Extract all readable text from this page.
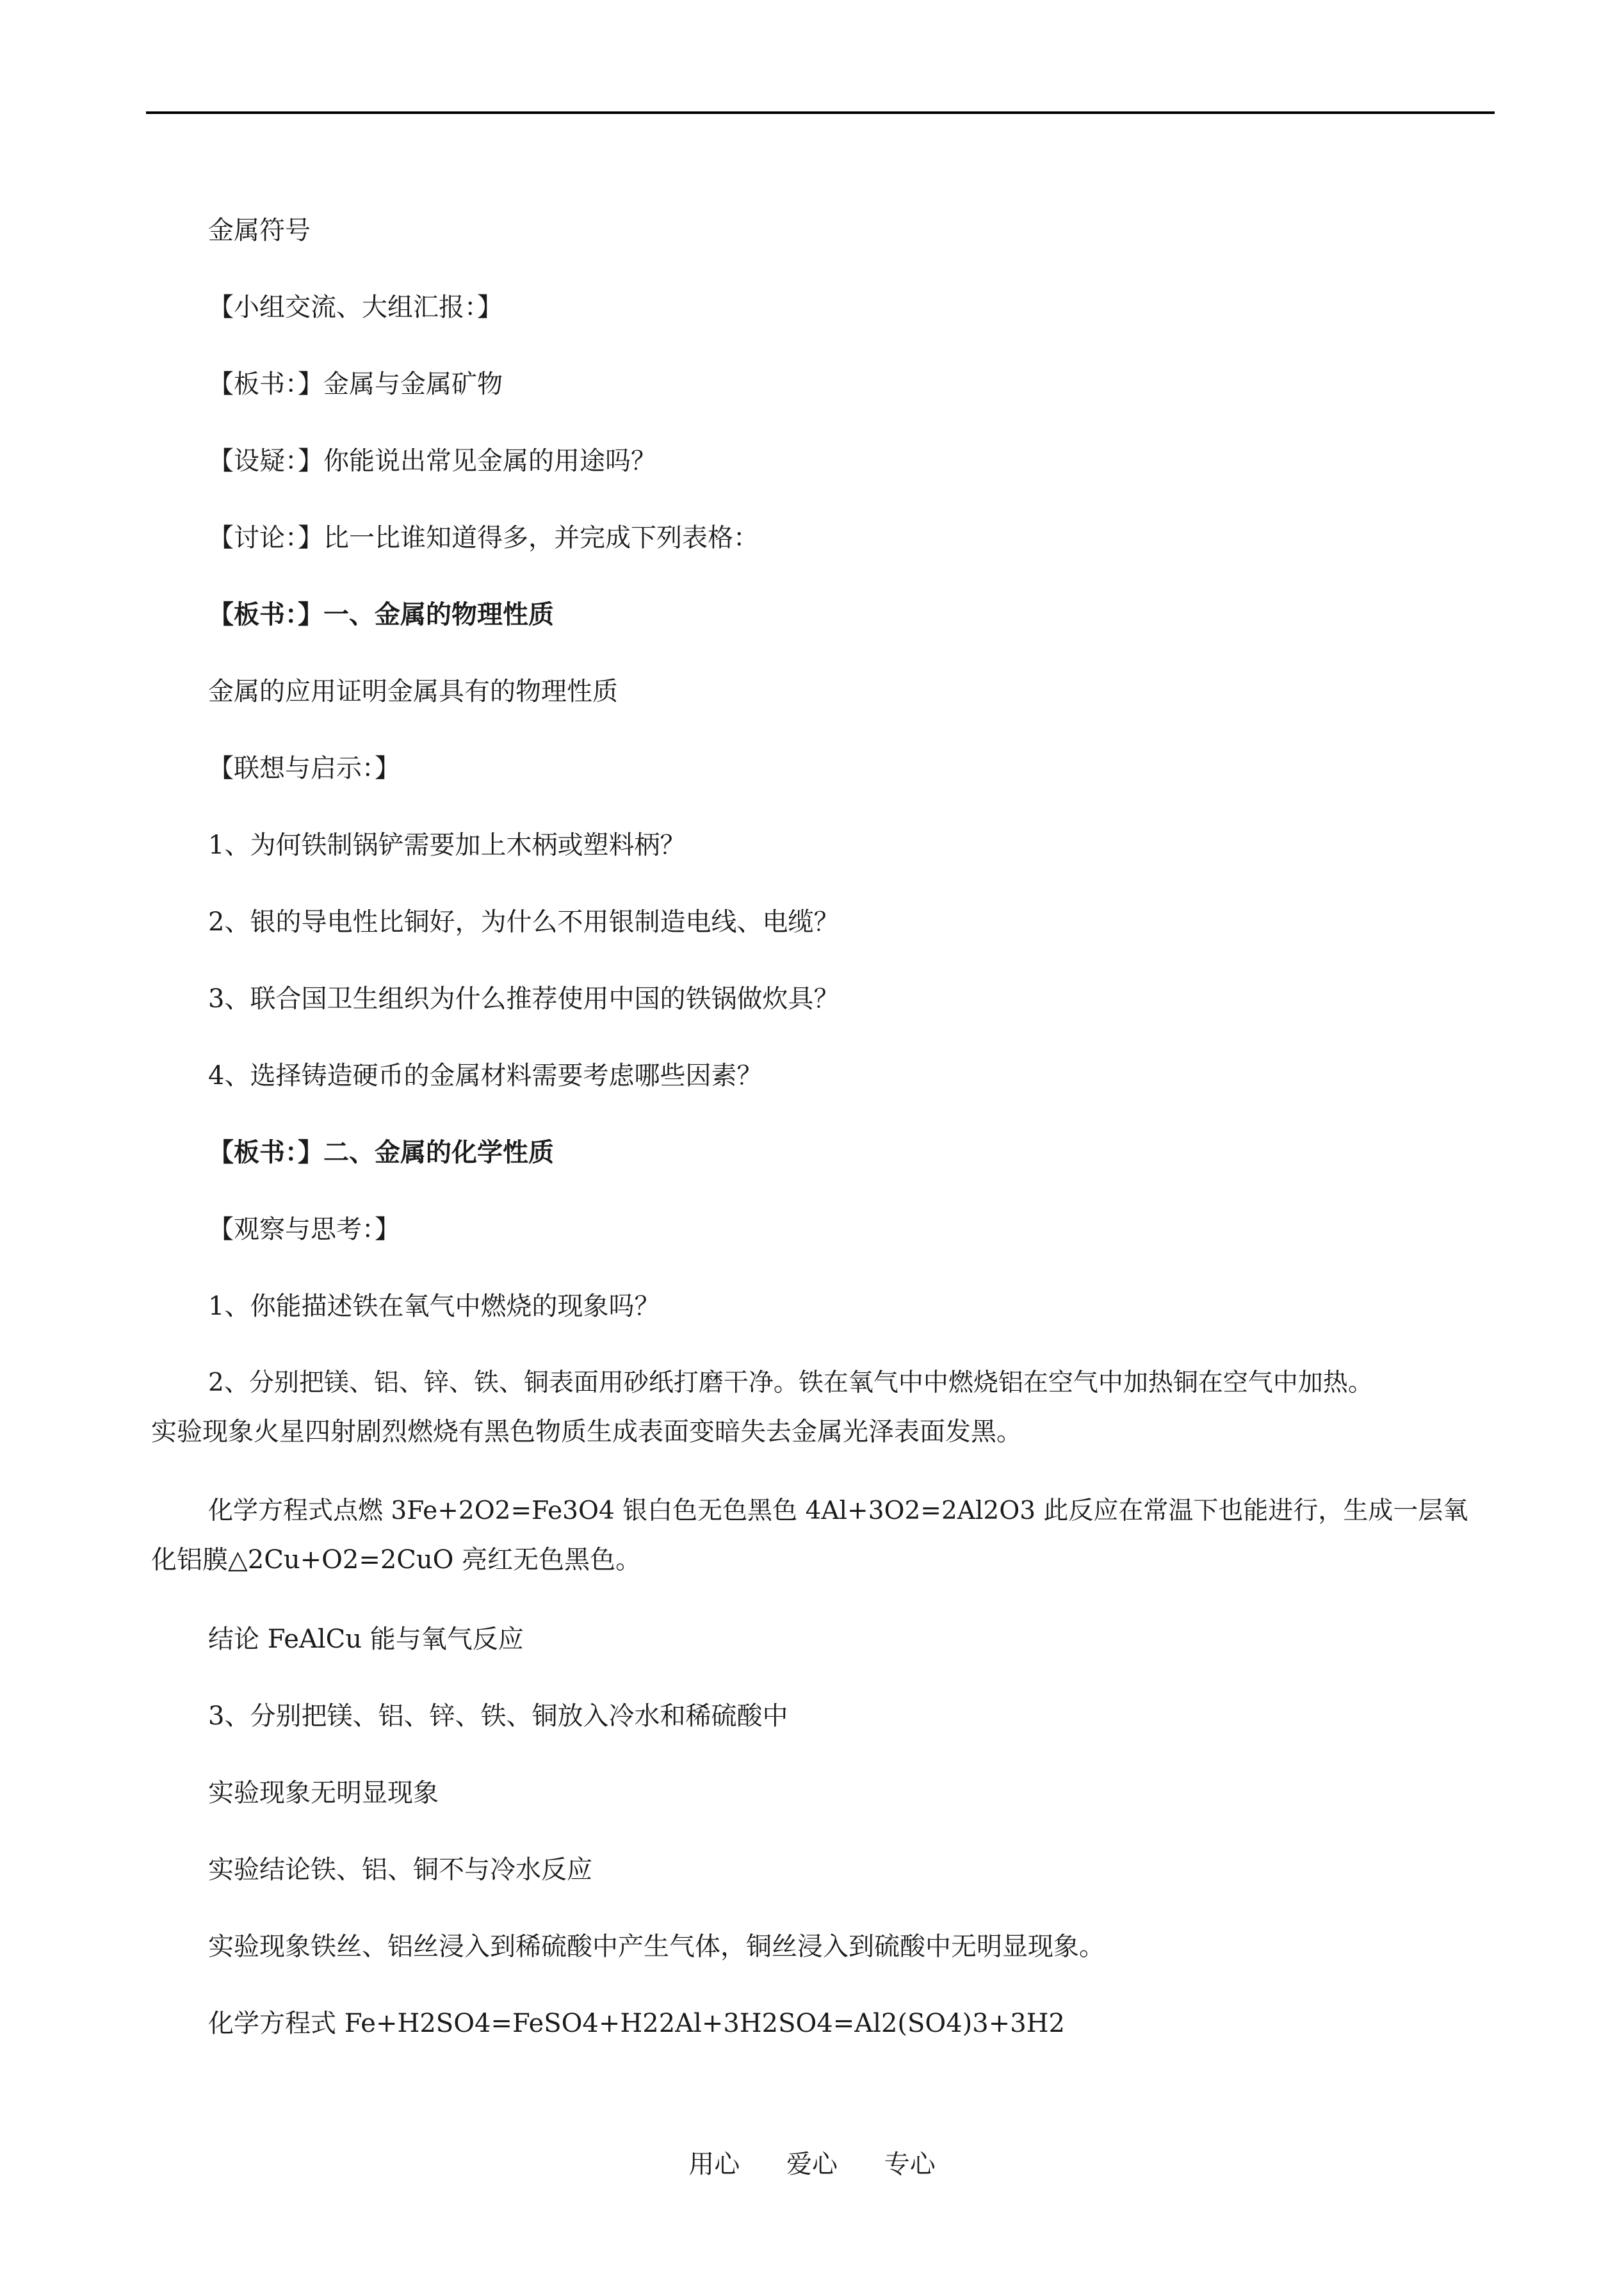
金属符号
【小组交流、大组汇报：】
【板书：】金属与金属矿物
【设疑：】你能说出常见金属的用途吗？
【讨论：】比一比谁知道得多，并完成下列表格：
【板书：】一、金属的物理性质
金属的应用证明金属具有的物理性质
【联想与启示：】
1、为何铁制锅铲需要加上木柄或塑料柄？
2、银的导电性比铜好，为什么不用银制造电线、电缆？
3、联合国卫生组织为什么推荐使用中国的铁锅做炊具？
4、选择铸造硬币的金属材料需要考虑哪些因素？
【板书：】二、金属的化学性质
【观察与思考：】
1、你能描述铁在氧气中燃烧的现象吗？
2、分别把镁、铝、锌、铁、铜表面用砂纸打磨干净。铁在氧气中中燃烧铝在空气中加热铜在空气中加热。
实验现象火星四射剧烈燃烧有黑色物质生成表面变暗失去金属光泽表面发黑。
化学方程式点燃 3Fe+2O2=Fe3O4 银白色无色黑色 4Al+3O2=2Al2O3 此反应在常温下也能进行，生成一层氧
化铝膜△2Cu+O2=2CuO 亮红无色黑色。
结论 FeAlCu 能与氧气反应
3、分别把镁、铝、锌、铁、铜放入冷水和稀硫酸中
实验现象无明显现象
实验结论铁、铝、铜不与冷水反应
实验现象铁丝、铝丝浸入到稀硫酸中产生气体，铜丝浸入到硫酸中无明显现象。
化学方程式 Fe+H2SO4=FeSO4+H22Al+3H2SO4=Al2(SO4)3+3H2
用心 爱心 专心
